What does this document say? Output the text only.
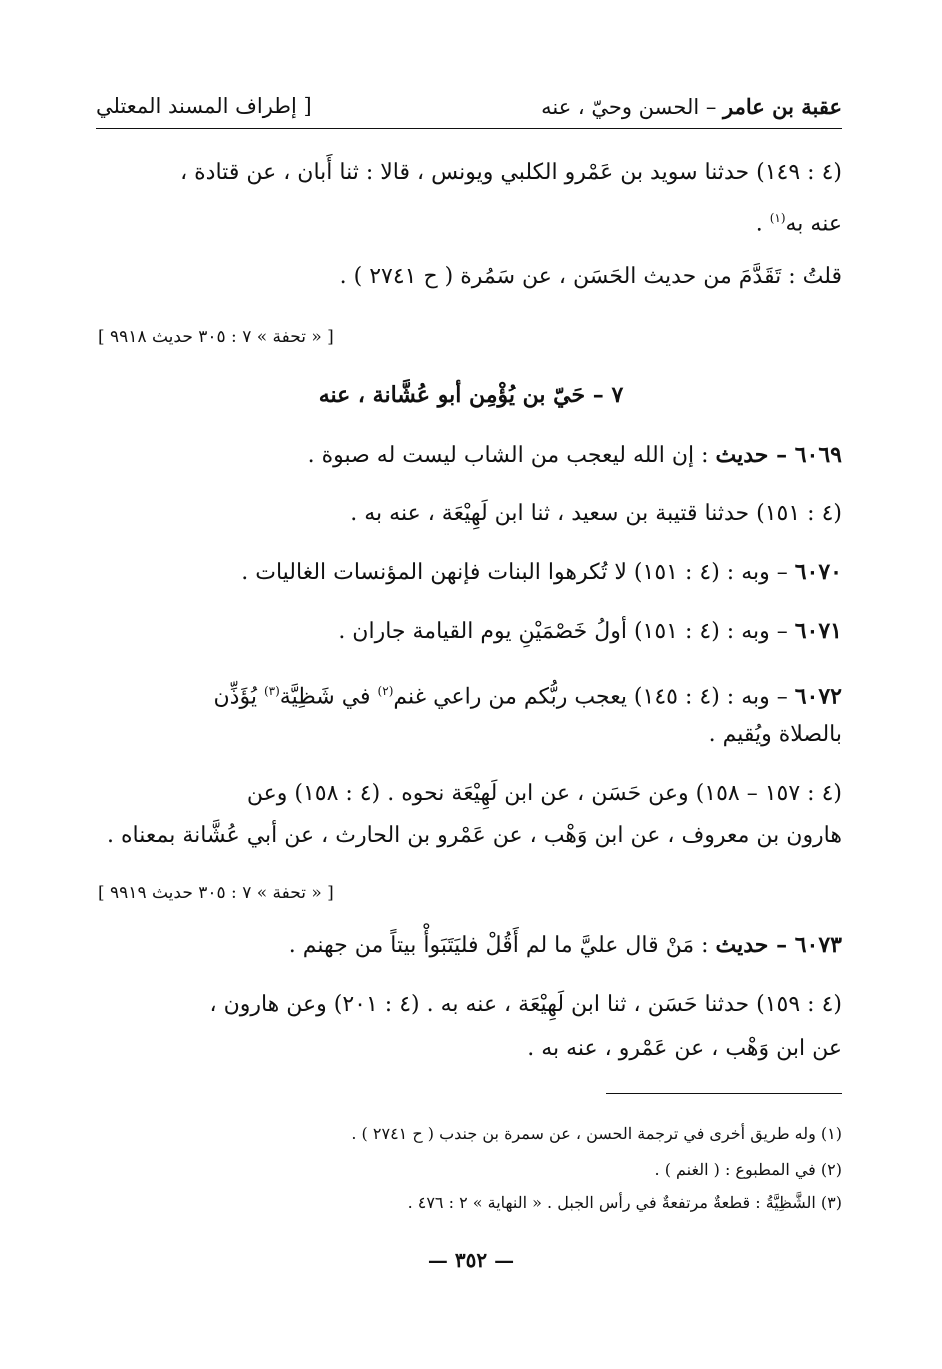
عقبة بن عامر – الحسن وحيّ ، عنه
[ إطراف المسند المعتلي
(٤ : ١٤٩) حدثنا سويد بن عَمْرو الكلبي ويونس ، قالا : ثنا أَبان ، عن قتادة ،
عنه به$^{(١)}$ .
قلتُ : تَقَدَّمَ من حديث الحَسَن ، عن سَمُرة ( ح ٢٧٤١ ) .
[ « تحفة » ٧ : ٣٠٥ حديث ٩٩١٨ ]
٧ – حَيّ بن يُؤْمِن أبو عُشَّانة ، عنه
٦٠٦٩ – حديث : إن الله ليعجب من الشاب ليست له صبوة .
(٤ : ١٥١) حدثنا قتيبة بن سعيد ، ثنا ابن لَهِيْعَة ، عنه به .
٦٠٧٠ – وبه : (٤ : ١٥١) لا تُكرهوا البنات فإنهن المؤنسات الغاليات .
٦٠٧١ – وبه : (٤ : ١٥١) أولُ خَصْمَيْنِ يوم القيامة جاران .
٦٠٧٢ – وبه : (٤ : ١٤٥) يعجب ربُّكم من راعي غنم$^{(٢)}$ في شَظِيَّة$^{(٣)}$ يُؤَذِّن
بالصلاة ويُقيم .
(٤ : ١٥٧ – ١٥٨) وعن حَسَن ، عن ابن لَهِيْعَة نحوه . (٤ : ١٥٨) وعن
هارون بن معروف ، عن ابن وَهْب ، عن عَمْرو بن الحارث ، عن أبي عُشَّانة بمعناه .
[ « تحفة » ٧ : ٣٠٥ حديث ٩٩١٩ ]
٦٠٧٣ – حديث : مَنْ قال عليَّ ما لم أَقُلْ فليَتَبَوأْ بيتاً من جهنم .
(٤ : ١٥٩) حدثنا حَسَن ، ثنا ابن لَهِيْعَة ، عنه به . (٤ : ٢٠١) وعن هارون ،
عن ابن وَهْب ، عن عَمْرو ، عنه به .
(١) وله طريق أخرى في ترجمة الحسن ، عن سمرة بن جندب ( ح ٢٧٤١ ) .
(٢) في المطبوع : ( الغنم ) .
(٣) الشَّظِيَّةُ : قطعةٌ مرتفعةٌ في رأس الجبل . « النهاية » ٢ : ٤٧٦ .
— ٣٥٢ —
